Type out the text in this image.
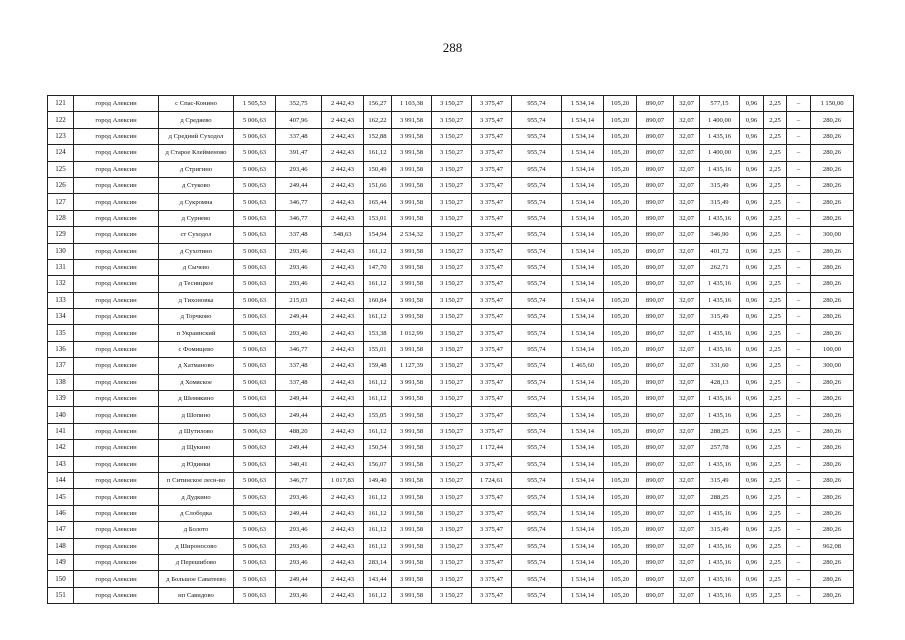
288
121	город Алексин	с Спас-Конино	1 505,53	352,75	2 442,43	156,27	1 103,38	3 150,27	3 375,47	955,74	1 534,14	105,20	890,07	32,07	577,15	0,96	2,25	–	1 150,00
122	город Алексин	д Средяево	5 006,63	407,96	2 442,43	162,22	3 991,58	3 150,27	3 375,47	955,74	1 534,14	105,20	890,07	32,07	1 400,00	0,96	2,25	–	280,26
123	город Алексин	д Средний Суходол	5 006,63	337,48	2 442,43	152,88	3 991,58	3 150,27	3 375,47	955,74	1 534,14	105,20	890,07	32,07	1 435,16	0,96	2,25	–	280,26
124	город Алексин	д Старое Клейменово	5 006,63	391,47	2 442,43	161,12	3 991,58	3 150,27	3 375,47	955,74	1 534,14	105,20	890,07	32,07	1 400,00	0,96	2,25	–	280,26
125	город Алексин	д Стригино	5 006,63	293,46	2 442,43	150,49	3 991,58	3 150,27	3 375,47	955,74	1 534,14	105,20	890,07	32,07	1 435,16	0,96	2,25	–	280,26
126	город Алексин	д Стуково	5 006,63	249,44	2 442,43	151,66	3 991,58	3 150,27	3 375,47	955,74	1 534,14	105,20	890,07	32,07	315,49	0,96	2,25	–	280,26
127	город Алексин	д Сукромна	5 006,63	346,77	2 442,43	165,44	3 991,58	3 150,27	3 375,47	955,74	1 534,14	105,20	890,07	32,07	315,49	0,96	2,25	–	280,26
128	город Алексин	д Сурнево	5 006,63	346,77	2 442,43	153,01	3 991,58	3 150,27	3 375,47	955,74	1 534,14	105,20	890,07	32,07	1 435,16	0,96	2,25	–	280,26
129	город Алексин	ст Суходол	5 006,63	337,48	548,63	154,94	2 534,32	3 150,27	3 375,47	955,74	1 534,14	105,20	890,07	32,07	346,90	0,96	2,25	–	300,00
130	город Алексин	д Сухотино	5 006,63	293,46	2 442,43	161,12	3 991,58	3 150,27	3 375,47	955,74	1 534,14	105,20	890,07	32,07	401,72	0,96	2,25	–	280,26
131	город Алексин	д Сычево	5 006,63	293,46	2 442,43	147,70	3 991,58	3 150,27	3 375,47	955,74	1 534,14	105,20	890,07	32,07	262,71	0,96	2,25	–	280,26
132	город Алексин	д Тесницкое	5 006,63	293,46	2 442,43	161,12	3 991,58	3 150,27	3 375,47	955,74	1 534,14	105,20	890,07	32,07	1 435,16	0,96	2,25	–	280,26
133	город Алексин	д Тихоновка	5 006,63	215,03	2 442,43	160,84	3 991,58	3 150,27	3 375,47	955,74	1 534,14	105,20	890,07	32,07	1 435,16	0,96	2,25	–	280,26
134	город Алексин	д Торчково	5 006,63	249,44	2 442,43	161,12	3 991,58	3 150,27	3 375,47	955,74	1 534,14	105,20	890,07	32,07	315,49	0,96	2,25	–	280,26
135	город Алексин	п Украинский	5 006,63	293,46	2 442,43	153,38	1 012,99	3 150,27	3 375,47	955,74	1 534,14	105,20	890,07	32,07	1 435,16	0,96	2,25	–	280,26
136	город Алексин	с Фомищево	5 006,63	346,77	2 442,43	155,01	3 991,58	3 150,27	3 375,47	955,74	1 534,14	105,20	890,07	32,07	1 435,16	0,96	2,25	–	100,00
137	город Алексин	д Хатманово	5 006,63	337,48	2 442,43	159,48	1 127,39	3 150,27	3 375,47	955,74	1 465,60	105,20	890,07	32,07	331,60	0,96	2,25	–	300,00
138	город Алексин	д Хомяское	5 006,63	337,48	2 442,43	161,12	3 991,58	3 150,27	3 375,47	955,74	1 534,14	105,20	890,07	32,07	428,13	0,96	2,25	–	280,26
139	город Алексин	д Шемякино	5 006,63	249,44	2 442,43	161,12	3 991,58	3 150,27	3 375,47	955,74	1 534,14	105,20	890,07	32,07	1 435,16	0,96	2,25	–	280,26
140	город Алексин	д Шопино	5 006,63	249,44	2 442,43	155,05	3 991,58	3 150,27	3 375,47	955,74	1 534,14	105,20	890,07	32,07	1 435,16	0,96	2,25	–	280,26
141	город Алексин	д Шутилово	5 006,63	488,20	2 442,43	161,12	3 991,58	3 150,27	3 375,47	955,74	1 534,14	105,20	890,07	32,07	288,25	0,96	2,25	–	280,26
142	город Алексин	д Щукино	5 006,63	249,44	2 442,43	150,54	3 991,58	3 150,27	1 172,44	955,74	1 534,14	105,20	890,07	32,07	257,78	0,96	2,25	–	280,26
143	город Алексин	д Юдинки	5 006,63	340,41	2 442,43	156,07	3 991,58	3 150,27	3 375,47	955,74	1 534,14	105,20	890,07	32,07	1 435,16	0,96	2,25	–	280,26
144	город Алексин	п Ситинское лесн-во	5 006,63	346,77	1 017,83	149,40	3 991,58	3 150,27	1 724,61	955,74	1 534,14	105,20	890,07	32,07	315,49	0,96	2,25	–	280,26
145	город Алексин	д Дудкино	5 006,63	293,46	2 442,43	161,12	3 991,58	3 150,27	3 375,47	955,74	1 534,14	105,20	890,07	32,07	288,25	0,96	2,25	–	280,26
146	город Алексин	д Слободка	5 006,63	249,44	2 442,43	161,12	3 991,58	3 150,27	3 375,47	955,74	1 534,14	105,20	890,07	32,07	1 435,16	0,96	2,25	–	280,26
147	город Алексин	д Болото	5 006,63	293,46	2 442,43	161,12	3 991,58	3 150,27	3 375,47	955,74	1 534,14	105,20	890,07	32,07	315,49	0,96	2,25	–	280,26
148	город Алексин	д Широносово	5 006,63	293,46	2 442,43	161,12	3 991,58	3 150,27	3 375,47	955,74	1 534,14	105,20	890,07	32,07	1 435,16	0,96	2,25	–	962,08
149	город Алексин	д Перешибово	5 006,63	293,46	2 442,43	283,14	3 991,58	3 150,27	3 375,47	955,74	1 534,14	105,20	890,07	32,07	1 435,16	0,96	2,25	–	280,26
150	город Алексин	д Большое Саватеево	5 006,63	249,44	2 442,43	143,44	3 991,58	3 150,27	3 375,47	955,74	1 534,14	105,20	890,07	32,07	1 435,16	0,96	2,25	–	280,26
151	город Алексин	нп Савидово	5 006,63	293,46	2 442,43	161,12	3 991,58	3 150,27	3 375,47	955,74	1 534,14	105,20	890,07	32,07	1 435,16	0,95	2,25	–	280,26
